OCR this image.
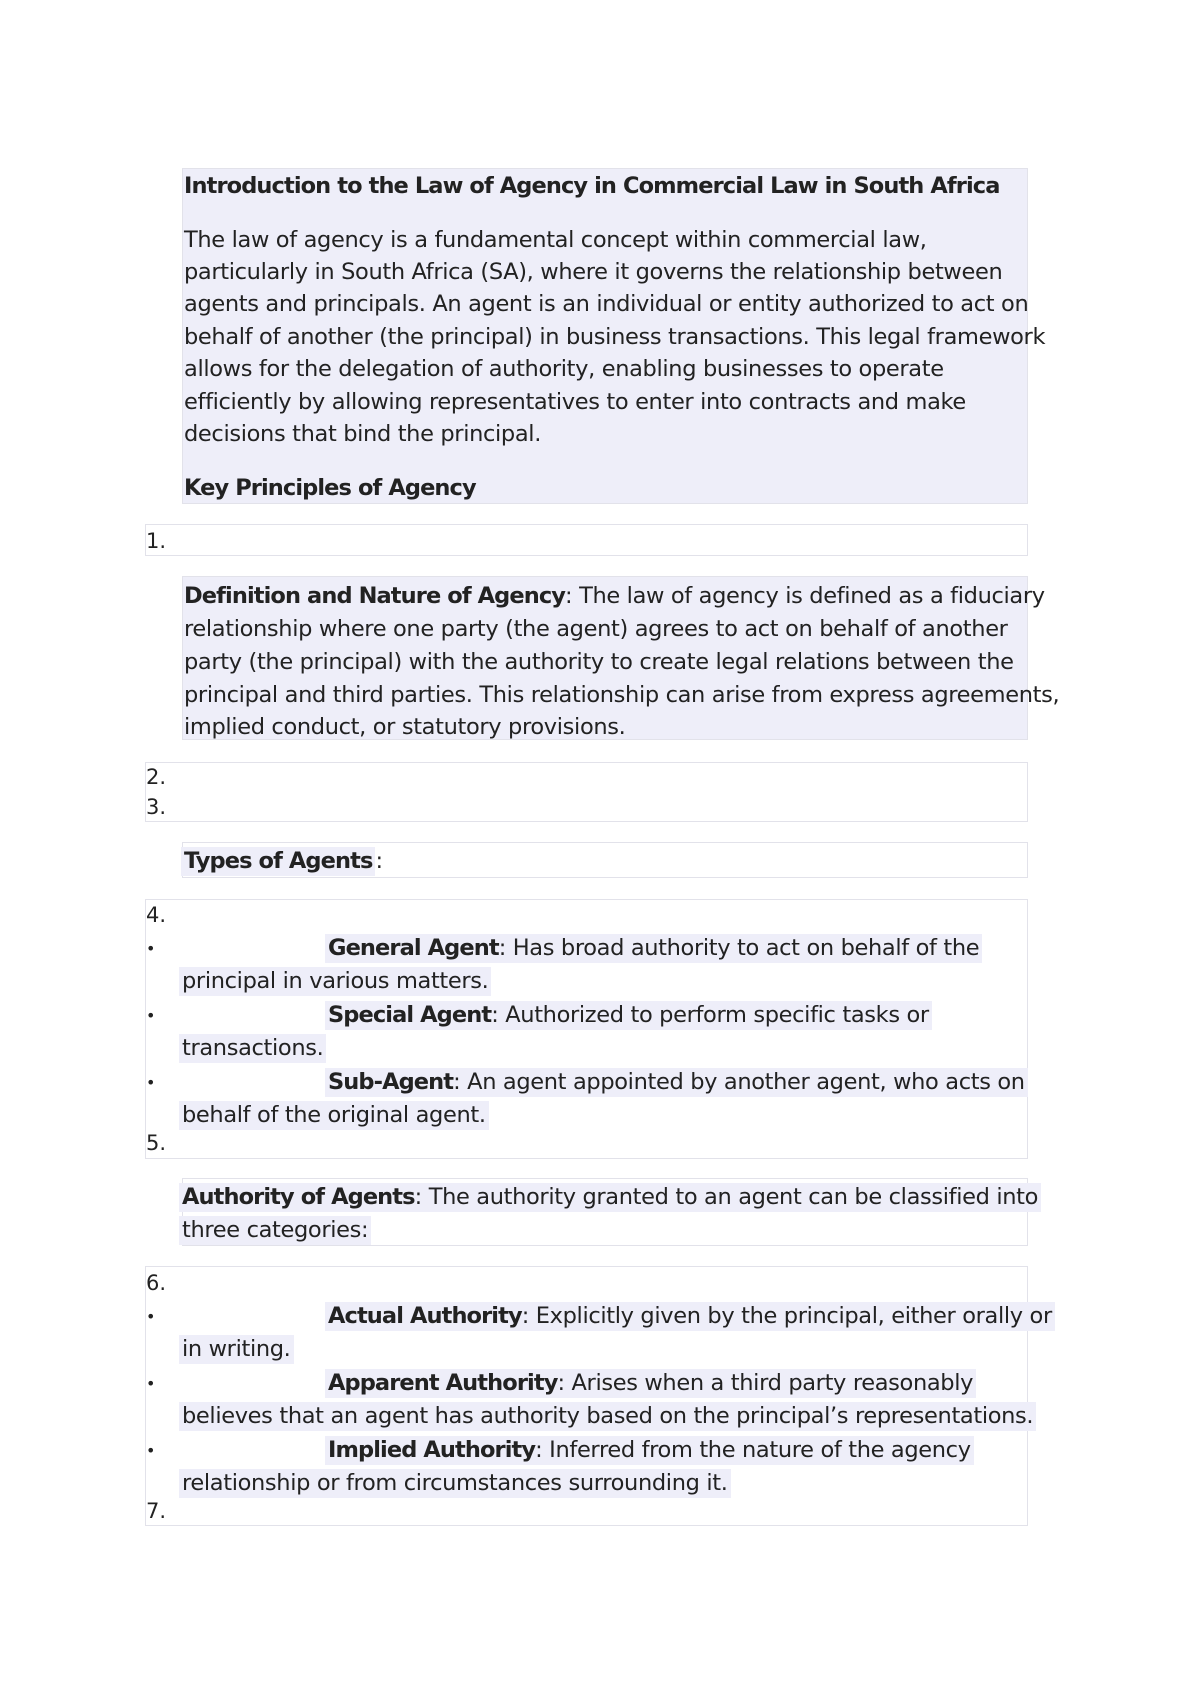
Introduction to the Law of Agency in Commercial Law in South Africa
The law of agency is a fundamental concept within commercial law,
particularly in South Africa (SA), where it governs the relationship between
agents and principals. An agent is an individual or entity authorized to act on
behalf of another (the principal) in business transactions. This legal framework
allows for the delegation of authority, enabling businesses to operate
efficiently by allowing representatives to enter into contracts and make
decisions that bind the principal.
Key Principles of Agency
1.
Definition and Nature of Agency: The law of agency is defined as a fiduciary
relationship where one party (the agent) agrees to act on behalf of another
party (the principal) with the authority to create legal relations between the
principal and third parties. This relationship can arise from express agreements,
implied conduct, or statutory provisions.
2.
3.
Types of Agents :
4.
•	General Agent: Has broad authority to act on behalf of the
principal in various matters.
•	Special Agent: Authorized to perform specific tasks or
transactions.
•	Sub-Agent: An agent appointed by another agent, who acts on
behalf of the original agent.
5.
Authority of Agents: The authority granted to an agent can be classified into
three categories:
6.
•	Actual Authority: Explicitly given by the principal, either orally or
in writing.
•	Apparent Authority: Arises when a third party reasonably
believes that an agent has authority based on the principal’s representations.
•	Implied Authority: Inferred from the nature of the agency
relationship or from circumstances surrounding it.
7.
